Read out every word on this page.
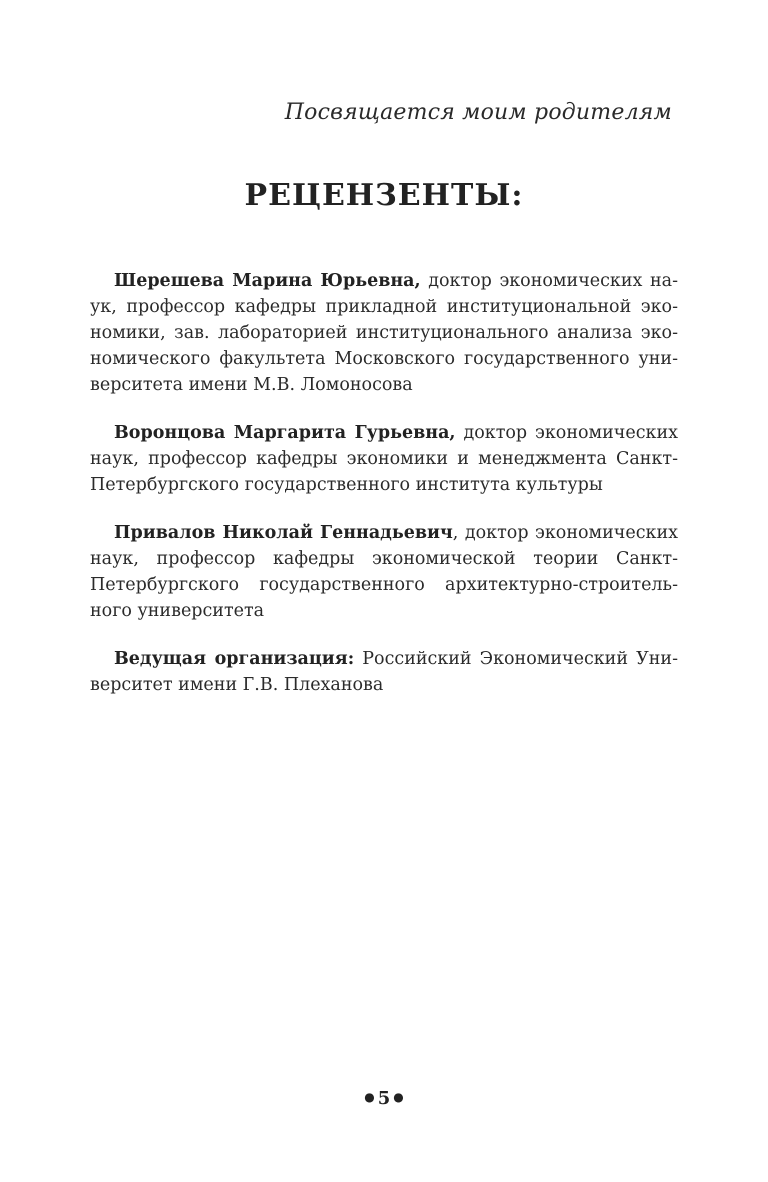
Посвящается моим родителям
РЕЦЕНЗЕНТЫ:

Шерешева Марина Юрьевна, доктор экономических наук, профессор кафедры прикладной институциональной экономики, зав. лабораторией институционального анализа экономического факультета Московского государственного университета имени М.В. Ломоносова

Воронцова Маргарита Гурьевна, доктор экономических наук, профессор кафедры экономики и менеджмента Санкт-Петербургского государственного института культуры

Привалов Николай Геннадьевич, доктор экономических наук, профессор кафедры экономической теории Санкт-Петербургского государственного архитектурно-строительного университета

Ведущая организация: Российский Экономический Университет имени Г.В. Плеханова

● 5 ●
